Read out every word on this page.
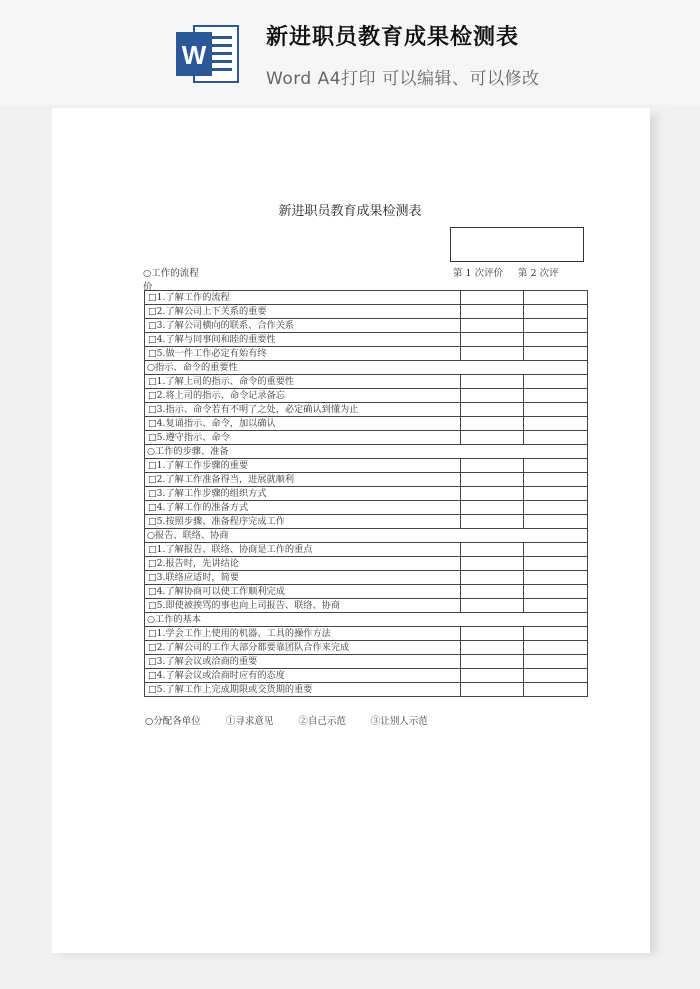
W
新进职员教育成果检测表
Word A4打印 可以编辑、可以修改
新进职员教育成果检测表
○工作的流程
价
第 1 次评价 第 2 次评
□1.了解工作的流程		
□2.了解公司上下关系的重要		
□3.了解公司横向的联系、合作关系		
□4.了解与同事间和睦的重要性		
□5.做一件工作必定有始有终		
○指示、命令的重要性		
□1.了解上司的指示、命令的重要性		
□2.将上司的指示、命令记录备忘		
□3.指示、命令若有不明了之处，必定确认到懂为止		
□4.复诵指示、命令，加以确认		
□5.遵守指示、命令		
○工作的步骤、准备		
□1.了解工作步骤的重要		
□2.了解工作准备得当，进展就顺利		
□3.了解工作步骤的组织方式		
□4.了解工作的准备方式		
□5.按照步骤、准备程序完成工作		
○报告、联络、协商		
□1.了解报告、联络、协商是工作的重点		
□2.报告时，先讲结论		
□3.联络应适时，简要		
□4.了解协商可以使工作顺利完成		
□5.即使被挨骂的事也向上司报告、联络、协商		
○工作的基本		
□1.学会工作上使用的机器、工具的操作方法		
□2.了解公司的工作大部分都要靠团队合作来完成		
□3.了解会议或洽商的重要		
□4.了解会议或洽商时应有的态度		
□5.了解工作上完成期限或交货期的重要		
○分配各单位	①寻求意见	②自己示范	③让别人示范
